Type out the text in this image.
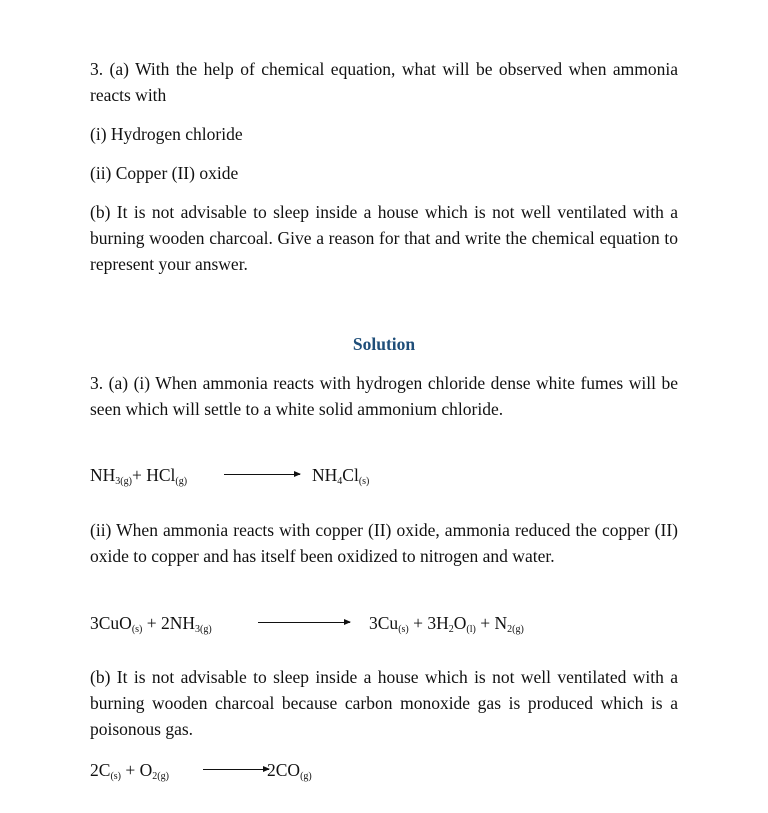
3. (a) With the help of chemical equation, what will be observed when ammonia reacts with

(i) Hydrogen chloride

(ii) Copper (II) oxide

(b) It is not advisable to sleep inside a house which is not well ventilated with a burning wooden charcoal. Give a reason for that and write the chemical equation to represent your answer.

Solution

3. (a) (i) When ammonia reacts with hydrogen chloride dense white fumes will be seen which will settle to a white solid ammonium chloride.

$NH_{3(g)}+ HCl_{(g)}$	$NH_4Cl_{(s)}$

(ii) When ammonia reacts with copper (II) oxide, ammonia reduced the copper (II) oxide to copper and has itself been oxidized to nitrogen and water.

$3CuO_{(s)} + 2NH_{3(g)}$	$3Cu_{(s)} + 3H_2O_{(l)} + N_{2(g)}$

(b) It is not advisable to sleep inside a house which is not well ventilated with a burning wooden charcoal because carbon monoxide gas is produced which is a poisonous gas.

$2C_{(s)} + O_{2(g)}$	$2CO_{(g)}$
